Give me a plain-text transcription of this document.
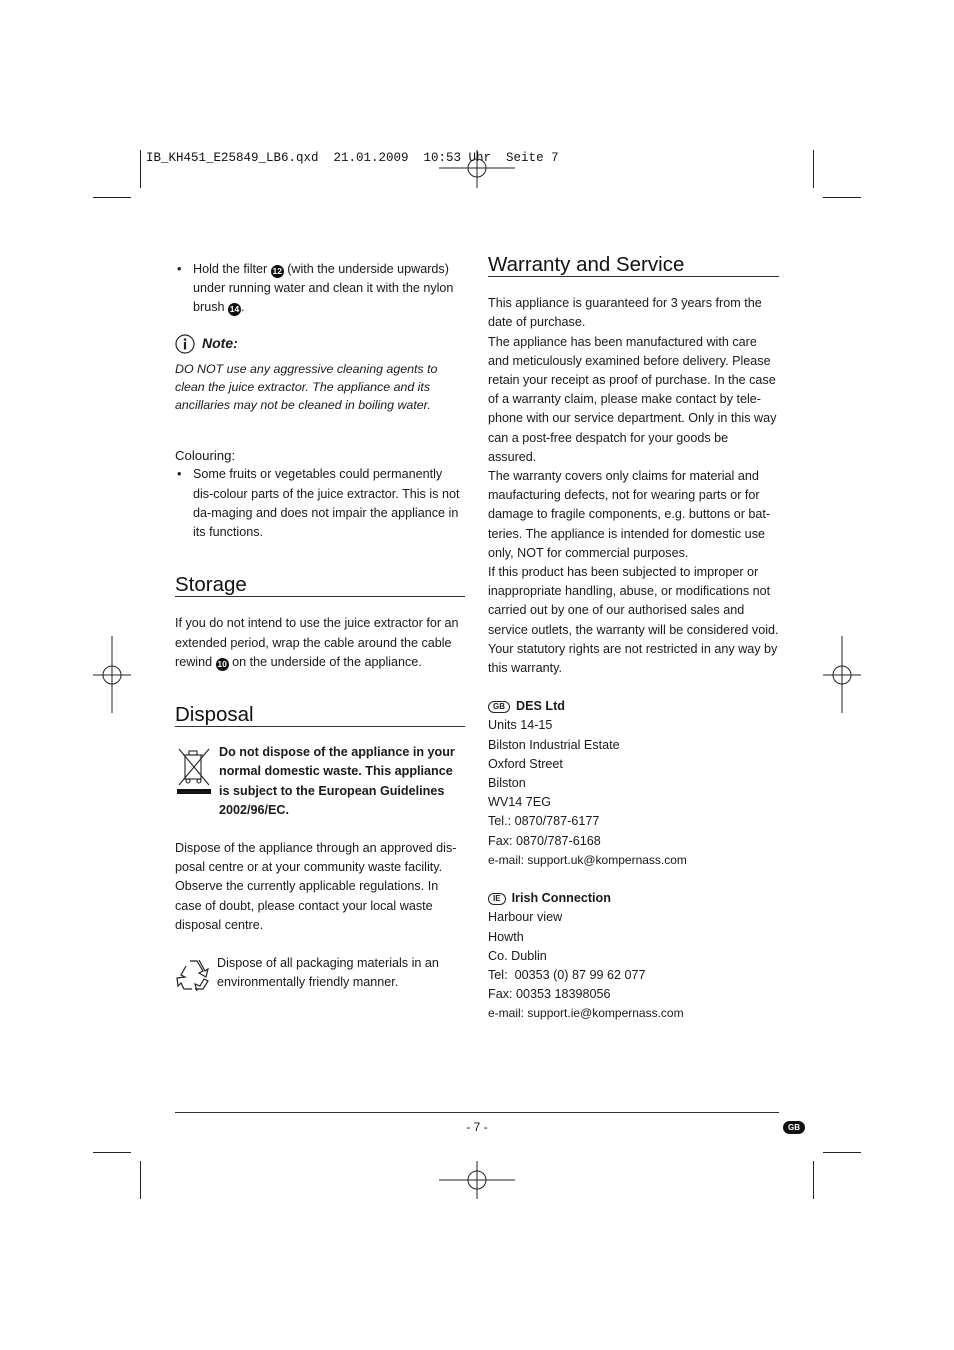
IB_KH451_E25849_LB6.qxd  21.01.2009  10:53 Uhr  Seite 7

• Hold the filter 12 (with the underside upwards) under running water and clean it with the nylon brush 14 .

Note:

DO NOT use any aggressive cleaning agents to clean the juice extractor. The appliance and its ancillaries may not be cleaned in boiling water.

Colouring:

• Some fruits or vegetables could permanently dis-colour parts of the juice extractor. This is not da-maging and does not impair the appliance in its functions.

Storage

If you do not intend to use the juice extractor for an extended period, wrap the cable around the cable rewind 10 on the underside of the appliance.

Disposal

Do not dispose of the appliance in your normal domestic waste. This appliance is subject to the European Guidelines 2002/96/EC.

Dispose of the appliance through an approved dis-posal centre or at your community waste facility. Observe the currently applicable regulations. In case of doubt, please contact your local waste disposal centre.

Dispose of all packaging materials in an environmentally friendly manner.

Warranty and Service

This appliance is guaranteed for 3 years from the date of purchase.

The appliance has been manufactured with care and meticulously examined before delivery. Please retain your receipt as proof of purchase. In the case of a warranty claim, please make contact by tele-phone with our service department. Only in this way can a post-free despatch for your goods be assured.

The warranty covers only claims for material and maufacturing defects, not for wearing parts or for damage to fragile components, e.g. buttons or bat-teries. The appliance is intended for domestic use only, NOT for commercial purposes.

If this product has been subjected to improper or inappropriate handling, abuse, or modifications not carried out by one of our authorised sales and service outlets, the warranty will be considered void. Your statutory rights are not restricted in any way by this warranty.

GB DES Ltd

Units 14-15

Bilston Industrial Estate

Oxford Street

Bilston

WV14 7EG

Tel.: 0870/787-6177

Fax: 0870/787-6168

e-mail: support.uk@kompernass.com

IE Irish Connection

Harbour view

Howth

Co. Dublin

Tel:  00353 (0) 87 99 62 077

Fax: 00353 18398056

e-mail: support.ie@kompernass.com

- 7 -	GB
